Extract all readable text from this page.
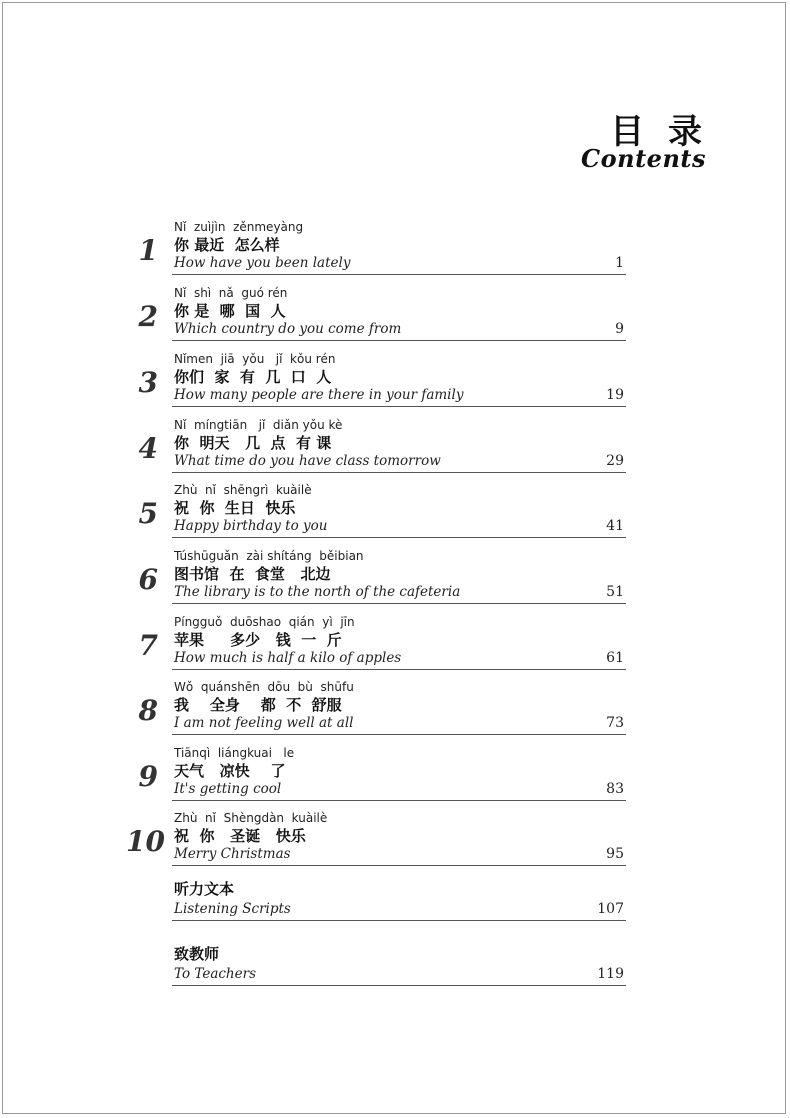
目 录
Contents
1
Nǐ  zuìjìn  zěnmeyàng
你 最近  怎么样
How have you been lately	1
2
Nǐ  shì  nǎ  guó rén
你 是  哪  国  人
Which country do you come from	9
3
Nǐmen  jiā  yǒu   jǐ  kǒu rén
你们  家  有  几  口  人
How many people are there in your family	19
4
Nǐ  míngtiān   jǐ  diǎn yǒu kè
你  明天   几  点  有 课
What time do you have class tomorrow	29
5
Zhù  nǐ  shēngrì  kuàilè
祝  你  生日  快乐
Happy birthday to you	41
6
Túshūguǎn  zài shítáng  běibian
图书馆  在  食堂   北边
The library is to the north of the cafeteria	51
7
Píngguǒ  duōshao  qián  yì  jīn
苹果     多少   钱  一  斤
How much is half a kilo of apples	61
8
Wǒ  quánshēn  dōu  bù  shūfu
我    全身    都  不  舒服
I am not feeling well at all	73
9
Tiānqì  liángkuai   le
天气   凉快    了
It's getting cool	83
10
Zhù  nǐ  Shèngdàn  kuàilè
祝  你   圣诞   快乐
Merry Christmas	95
听力文本
Listening Scripts	107
致教师
To Teachers	119
